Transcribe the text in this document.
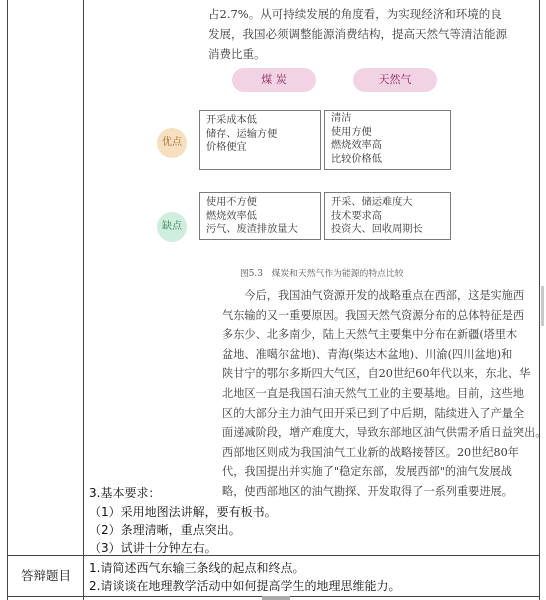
占2.7%。从可持续发展的角度看，为实现经济和环境的良
发展，我国必须调整能源消费结构，提高天然气等清洁能源
消费比重。
煤 炭	天然气
优点
缺点
开采成本低
储存、运输方便
价格便宜
清洁
使用方便
燃烧效率高
比较价格低
使用不方便
燃烧效率低
污气、废渣排放量大
开采、储运难度大
技术要求高
投资大、回收周期长
图5.3　煤炭和天然气作为能源的特点比较
　　今后，我国油气资源开发的战略重点在西部，这是实施西
气东输的又一重要原因。我国天然气资源分布的总体特征是西
多东少、北多南少，陆上天然气主要集中分布在新疆(塔里木
盆地、准噶尔盆地)、青海(柴达木盆地)、川渝(四川盆地)和
陕甘宁的鄂尔多斯四大气区，自20世纪60年代以来，东北、华
北地区一直是我国石油天然气工业的主要基地。目前，这些地
区的大部分主力油气田开采已到了中后期，陆续进入了产量全
面递减阶段，增产难度大，导致东部地区油气供需矛盾日益突出。
西部地区则成为我国油气工业新的战略接替区。20世纪80年
代，我国提出并实施了"稳定东部，发展西部"的油气发展战
略，使西部地区的油气勘探、开发取得了一系列重要进展。
3.基本要求：
（1）采用地图法讲解，要有板书。
（2）条理清晰，重点突出。
（3）试讲十分钟左右。
答辩题目	1.请简述西气东输三条线的起点和终点。
2.请谈谈在地理教学活动中如何提高学生的地理思维能力。
